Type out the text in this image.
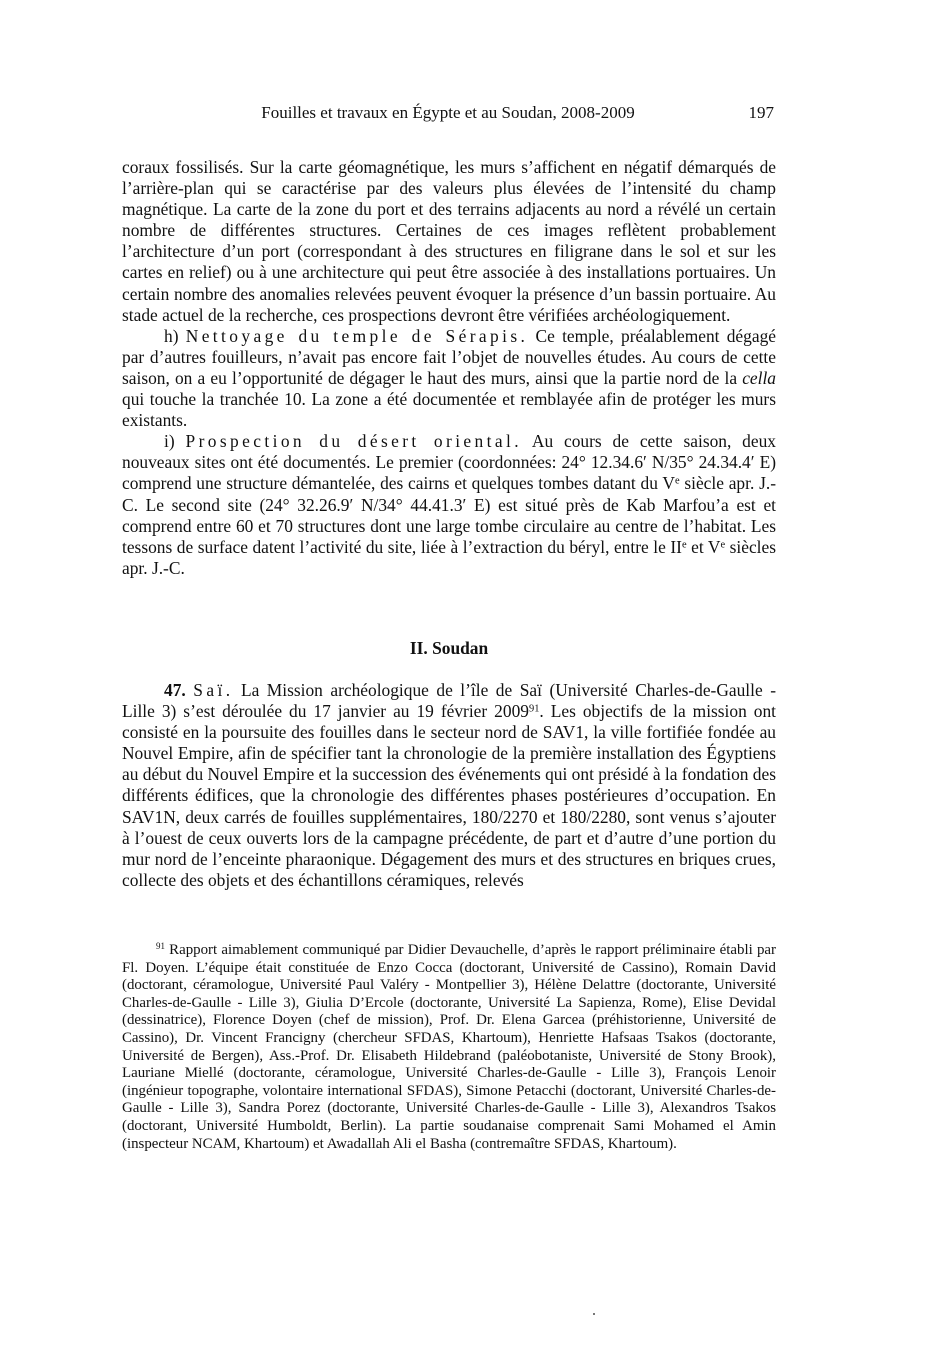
Fouilles et travaux en Égypte et au Soudan, 2008-2009	197

coraux fossilisés. Sur la carte géomagnétique, les murs s’affichent en négatif démarqués de l’arrière-plan qui se caractérise par des valeurs plus élevées de l’intensité du champ magnétique. La carte de la zone du port et des terrains adjacents au nord a révélé un certain nombre de différentes structures. Certaines de ces images reflètent probablement l’architecture d’un port (correspondant à des structures en filigrane dans le sol et sur les cartes en relief) ou à une architecture qui peut être associée à des installations portuaires. Un certain nombre des anomalies relevées peuvent évoquer la présence d’un bassin portuaire. Au stade actuel de la recherche, ces prospections devront être vérifiées archéologiquement.

h) Nettoyage du temple de Sérapis. Ce temple, préalablement dégagé par d’autres fouilleurs, n’avait pas encore fait l’objet de nouvelles études. Au cours de cette saison, on a eu l’opportunité de dégager le haut des murs, ainsi que la partie nord de la cella qui touche la tranchée 10. La zone a été documentée et remblayée afin de protéger les murs existants.

i) Prospection du désert oriental. Au cours de cette saison, deux nouveaux sites ont été documentés. Le premier (coordonnées: 24° 12.34.6′ N/35° 24.34.4′ E) comprend une structure démantelée, des cairns et quelques tombes datant du Ve siècle apr. J.-C. Le second site (24° 32.26.9′ N/34° 44.41.3′ E) est situé près de Kab Marfou’a est et comprend entre 60 et 70 structures dont une large tombe circulaire au centre de l’habitat. Les tessons de surface datent l’activité du site, liée à l’extraction du béryl, entre le IIe et Ve siècles apr. J.-C.

II. Soudan

47. Saï. La Mission archéologique de l’île de Saï (Université Charles-de-Gaulle - Lille 3) s’est déroulée du 17 janvier au 19 février 2009$^{91}$. Les objectifs de la mission ont consisté en la poursuite des fouilles dans le secteur nord de SAV1, la ville fortifiée fondée au Nouvel Empire, afin de spécifier tant la chronologie de la première installation des Égyptiens au début du Nouvel Empire et la succession des événements qui ont présidé à la fondation des différents édifices, que la chronologie des différentes phases postérieures d’occupation. En SAV1N, deux carrés de fouilles supplémentaires, 180/2270 et 180/2280, sont venus s’ajouter à l’ouest de ceux ouverts lors de la campagne précédente, de part et d’autre d’une portion du mur nord de l’enceinte pharaonique. Dégagement des murs et des structures en briques crues, collecte des objets et des échantillons céramiques, relevés

$^{91}$ Rapport aimablement communiqué par Didier Devauchelle, d’après le rapport préliminaire établi par Fl. Doyen. L’équipe était constituée de Enzo Cocca (doctorant, Université de Cassino), Romain David (doctorant, céramologue, Université Paul Valéry - Montpellier 3), Hélène Delattre (doctorante, Université Charles-de-Gaulle - Lille 3), Giulia D’Ercole (doctorante, Université La Sapienza, Rome), Elise Devidal (dessinatrice), Florence Doyen (chef de mission), Prof. Dr. Elena Garcea (préhistorienne, Université de Cassino), Dr. Vincent Francigny (chercheur SFDAS, Khartoum), Henriette Hafsaas Tsakos (doctorante, Université de Bergen), Ass.-Prof. Dr. Elisabeth Hildebrand (paléobotaniste, Université de Stony Brook), Lauriane Miellé (doctorante, céramologue, Université Charles-de-Gaulle - Lille 3), François Lenoir (ingénieur topographe, volontaire international SFDAS), Simone Petacchi (doctorant, Université Charles-de-Gaulle - Lille 3), Sandra Porez (doctorante, Université Charles-de-Gaulle - Lille 3), Alexandros Tsakos (doctorant, Université Humboldt, Berlin). La partie soudanaise comprenait Sami Mohamed el Amin (inspecteur NCAM, Khartoum) et Awadallah Ali el Basha (contremaître SFDAS, Khartoum).
